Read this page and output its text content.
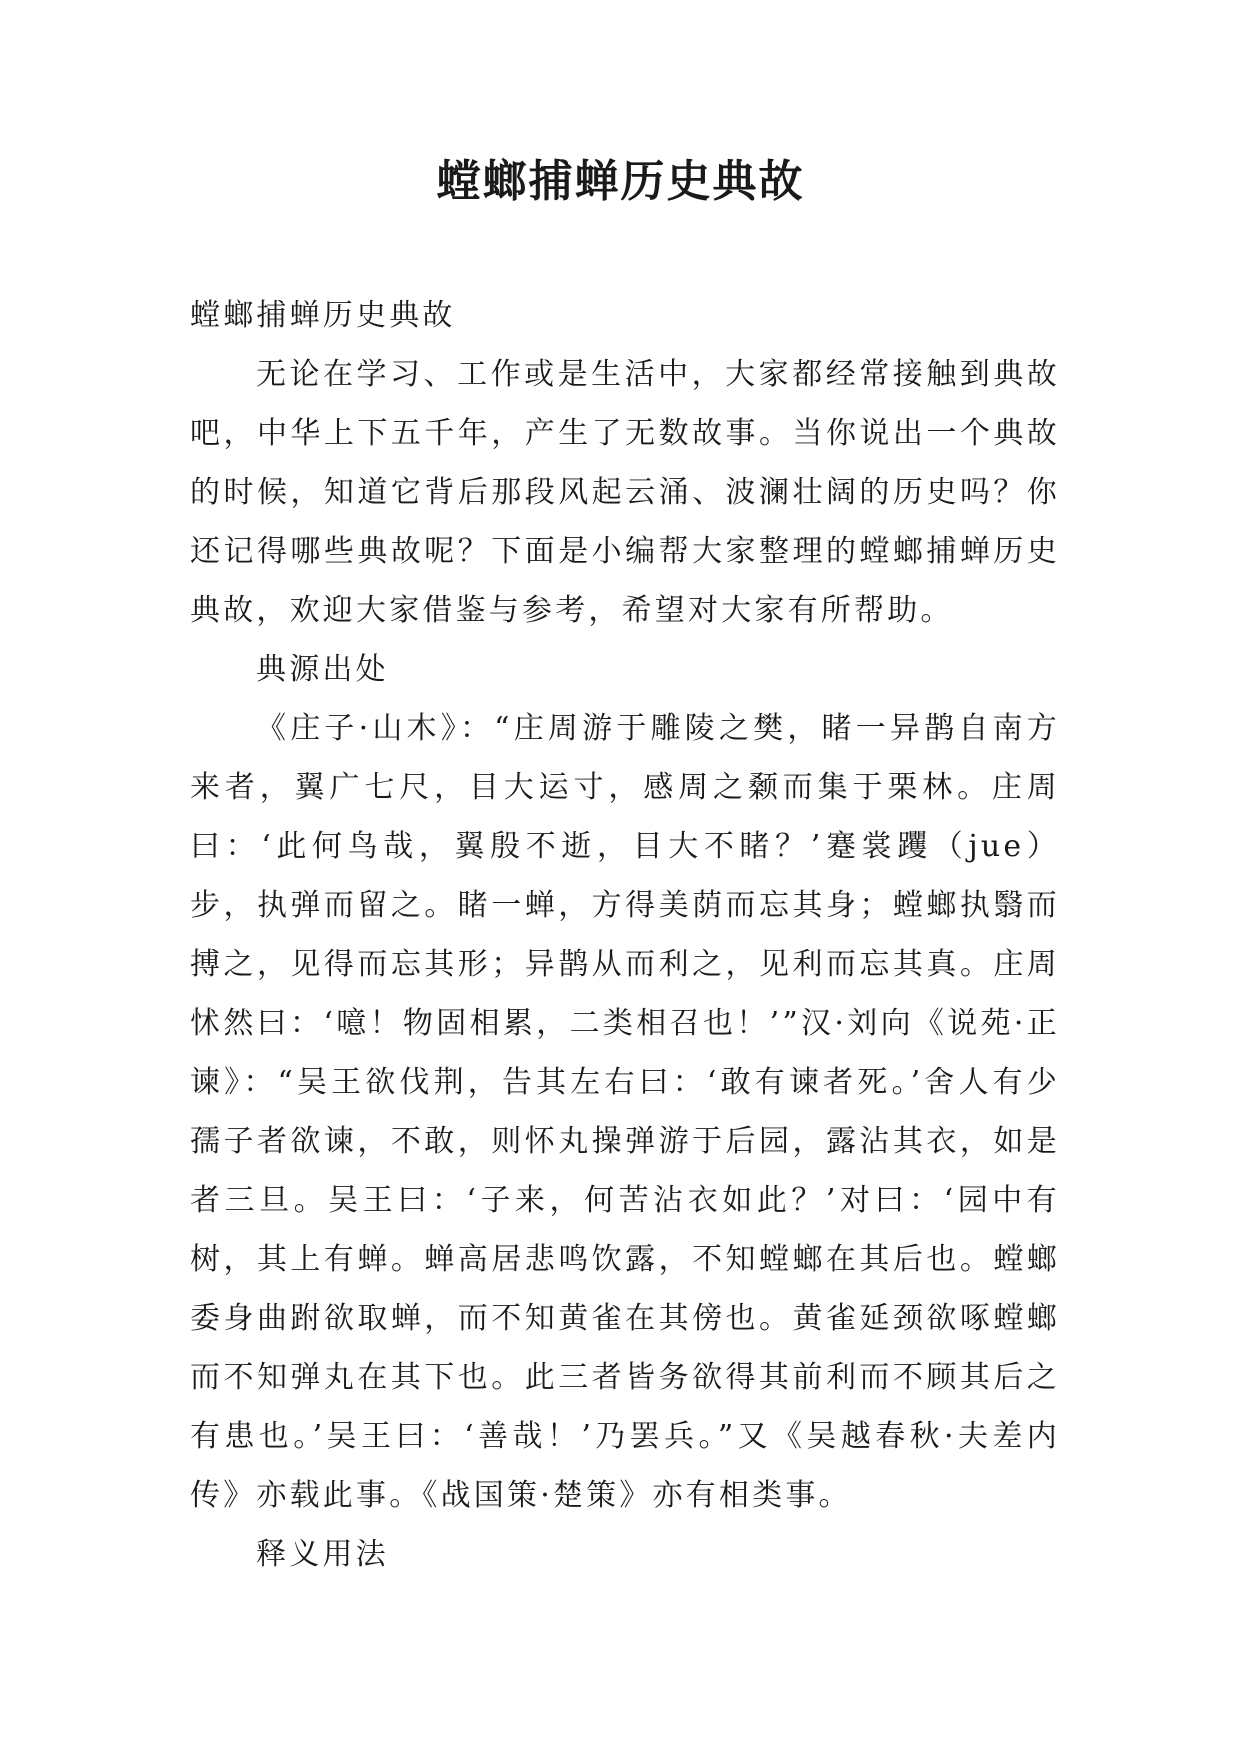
螳螂捕蝉历史典故

螳螂捕蝉历史典故

无论在学习、工作或是生活中，大家都经常接触到典故吧，中华上下五千年，产生了无数故事。当你说出一个典故的时候，知道它背后那段风起云涌、波澜壮阔的历史吗？你还记得哪些典故呢？下面是小编帮大家整理的螳螂捕蝉历史典故，欢迎大家借鉴与参考，希望对大家有所帮助。

典源出处

《庄子·山木》：“庄周游于雕陵之樊，睹一异鹊自南方来者，翼广七尺，目大运寸，感周之颡而集于栗林。庄周曰：‘此何鸟哉，翼殷不逝，目大不睹？’蹇裳躩（jue）步，执弹而留之。睹一蝉，方得美荫而忘其身；螳螂执翳而搏之，见得而忘其形；异鹊从而利之，见利而忘其真。庄周怵然曰：‘噫！物固相累，二类相召也！’”汉·刘向《说苑·正谏》：“吴王欲伐荆，告其左右曰：‘敢有谏者死。’舍人有少孺子者欲谏，不敢，则怀丸操弹游于后园，露沾其衣，如是者三旦。吴王曰：‘子来，何苦沾衣如此？’对曰：‘园中有树，其上有蝉。蝉高居悲鸣饮露，不知螳螂在其后也。螳螂委身曲跗欲取蝉，而不知黄雀在其傍也。黄雀延颈欲啄螳螂而不知弹丸在其下也。此三者皆务欲得其前利而不顾其后之有患也。’吴王曰：‘善哉！’乃罢兵。”又《吴越春秋·夫差内传》亦载此事。《战国策·楚策》亦有相类事。

释义用法
